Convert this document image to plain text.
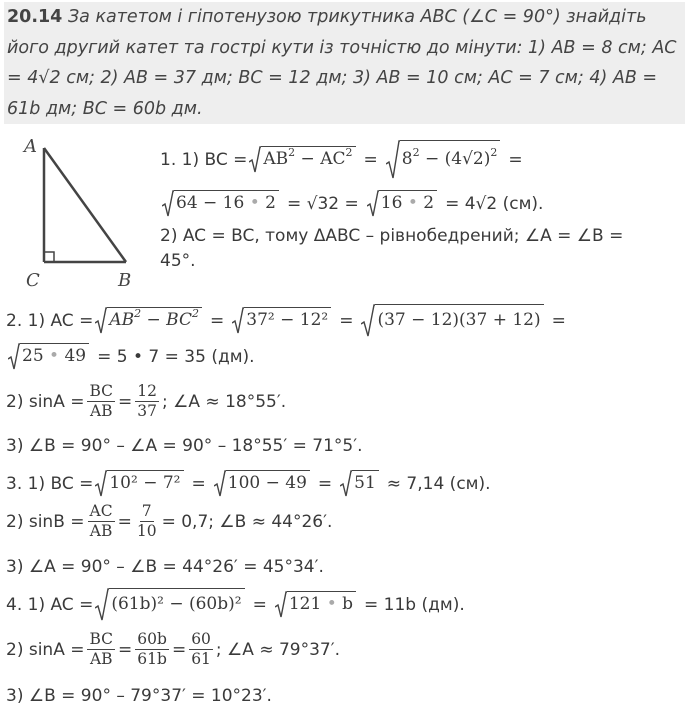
20.14 За катетом і гіпотенузою трикутника ABC (∠C = 90°) знайдіть його другий катет та гострі кути із точністю до мінути: 1) AB = 8 см; AC = 4√2 см; 2) AB = 37 дм; BC = 12 дм; 3) AB = 10 см; AC = 7 см; 4) AB = 61b дм; BC = 60b дм.
A
C	B
1. 1) BC = $AB^2 - AC^2 = 8^2 - (4√2)^2$ =
64 − 16 • 2 = √32 = 16 • 2 = 4√2 (см).
2) AC = BC, тому ΔABC – рівнобедрений; ∠A = ∠B =
45°.
2. 1) AC = $AB^2 - BC^2 = 37^2 - 12^2 = (37 - 12)(37 + 12)$ =
25 • 49 = 5 • 7 = 35 (дм).
2) $\sin A = \frac{BC}{AB} = \frac{12}{37}$ ; ∠A ≈ 18°55′.
3) ∠B = 90° – ∠A = 90° – 18°55′ = 71°5′.
3. 1) BC = 10² − 7² = 100 − 49 = 51 ≈ 7,14 (см).
2) $\sin B = \frac{AC}{AB} = \frac{7}{10} = 0,7$; ∠B ≈ 44°26′.
3) ∠A = 90° – ∠B = 44°26′ = 45°34′.
4. 1) AC = (61b)² − (60b)² = 121 • b = 11b (дм).
2) $\sin A = \frac{BC}{AB} = \frac{60b}{61b} = \frac{60}{61}$ ; ∠A ≈ 79°37′.
3) ∠B = 90° – 79°37′ = 10°23′.
